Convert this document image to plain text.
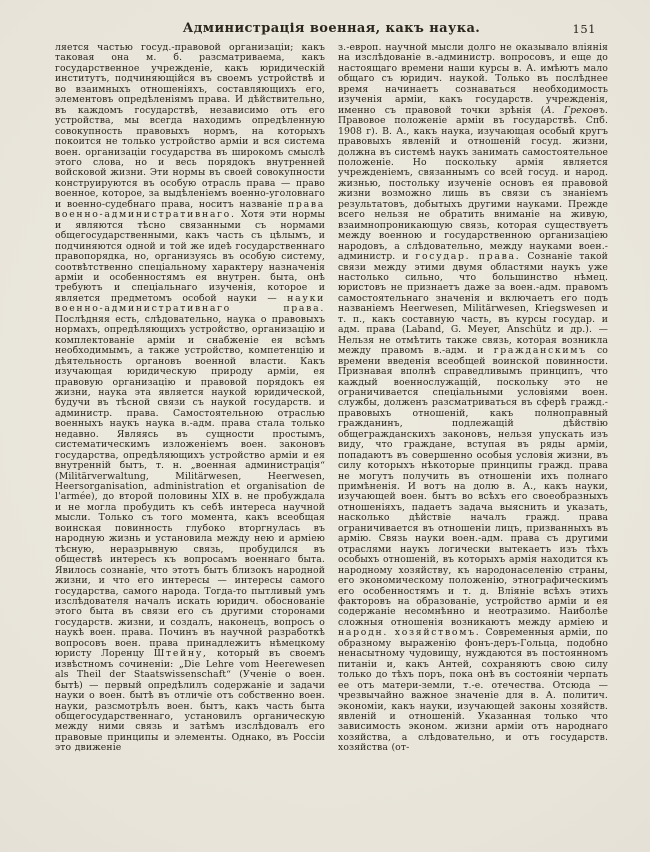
Администрація военная, какъ наука.	151
ляется частью госуд.-правовой организаціи; какъ таковая она м. б. разсматриваема, какъ государственное учрежденіе, какъ юридическій институтъ, подчиняющійся въ своемъ устройствѣ и во взаимныхъ отношеніяхъ, составляющихъ его, элементовъ опредѣленіямъ права. И дѣйствительно, въ каждомъ государствѣ, независимо отъ его устройства, мы всегда находимъ опредѣленную совокупность правовыхъ нормъ, на которыхъ покоится не только устройство арміи и вся система воен. организаціи государства въ широкомъ смыслѣ этого слова, но и весь порядокъ внутренней войсковой жизни. Эти нормы въ своей совокупности конструируются въ особую отрасль права — право военное, которое, за выдѣленіемъ военно-уголовнаго и военно-судебнаго права, носитъ названіе права военно-административнаго. Хотя эти нормы и являются тѣсно связанными съ нормами общегосударственными, какъ часть съ цѣлымъ, и подчиняются одной и той же идеѣ государственнаго правопорядка, но, организуясь въ особую систему, соотвѣтственно спеціальному характеру назначенія арміи и особенностямъ ея внутрен. быта, онѣ требуютъ и спеціальнаго изученія, которое и является предметомъ особой науки — науки военно-административнаго права. Послѣдняя есть, слѣдовательно, наука о правовыхъ нормахъ, опредѣляющихъ устройство, организацію и комплектованіе арміи и снабженіе ея всѣмъ необходимымъ, а также устройство, компетенцію и дѣятельность органовъ военной власти. Какъ изучающая юридическую природу арміи, ея правовую организацію и правовой порядокъ ея жизни, наука эта является наукой юридической, будучи въ тѣсной связи съ наукой государств. и администр. права. Самостоятельною отраслью военныхъ наукъ наука в.-адм. права стала только недавно. Являясь въ сущности простымъ, систематическимъ изложеніемъ воен. законовъ государства, опредѣляющихъ устройство арміи и ея внутренній бытъ, т. н. „военная администрація“ (Militärverwaltung, Militärwesen, Heerwesen, Heersorganisation, administration et organisation de l'armée), до второй половины XIX в. не пробуждала и не могла пробудить къ себѣ интереса научной мысли. Только съ того момента, какъ всеобщая воинская повинность глубоко вторгнулась въ народную жизнь и установила между нею и арміею тѣсную, неразрывную связь, пробудился въ обществѣ интересъ къ вопросамъ военнаго быта. Явилось сознаніе, что этотъ бытъ близокъ народной жизни, и что его интересы — интересы самого государства, самого народа. Тогда-то пытливый умъ изслѣдователя началъ искать юридич. обоснованіе этого быта въ связи его съ другими сторонами государств. жизни, и создалъ, наконецъ, вопросъ о наукѣ воен. права. Починъ въ научной разработкѣ вопросовъ воен. права принадлежитъ нѣмецкому юристу Лоренцу Штейну, который въ своемъ извѣстномъ сочиненіи: „Die Lehre vom Heerewesen als Theil der Staatswissenschaft“ (Ученіе о воен. бытѣ) — первый опредѣлилъ содержаніе и задачи науки о воен. бытѣ въ отличіе отъ собственно воен. науки, разсмотрѣлъ воен. бытъ, какъ часть быта общегосударственнаго, установилъ органическую между ними связь и затѣмъ изслѣдовалъ его правовые принципы и элементы. Однако, въ Россіи это движеніе
з.-европ. научной мысли долго не оказывало вліянія на изслѣдованіе в.-администр. вопросовъ, и еще до настоящаго времени наши курсы в. А. имѣютъ мало общаго съ юридич. наукой. Только въ послѣднее время начинаетъ сознаваться необходимость изученія арміи, какъ государств. учрежденія, именно съ правовой точки зрѣнія (А. Грековъ. Правовое положеніе арміи въ государствѣ. Спб. 1908 г). В. А., какъ наука, изучающая особый кругъ правовыхъ явленій и отношеній госуд. жизни, должна въ системѣ наукъ занимать самостоятельное положеніе. Но поскольку армія является учрежденіемъ, связаннымъ со всей госуд. и народ. жизнью, постольку изученіе основъ ея правовой жизни возможно лишь въ связи съ знаніемъ результатовъ, добытыхъ другими науками. Прежде всего нельзя не обратить вниманіе на живую, взаимнопроникающую связь, которая существуетъ между военною и государственною организаціею народовъ, а слѣдовательно, между науками воен.-администр. и государ. права. Сознаніе такой связи между этими двумя областями наукъ уже настолько сильно, что большинство нѣмец. юристовъ не признаетъ даже за воен.-адм. правомъ самостоятельнаго значенія и включаетъ его подъ названіемъ Heerwesen, Militärwesen, Kriegswesen и т. п., какъ составную часть, въ курсы государ. и адм. права (Laband, G. Meyer, Anschütz и др.). — Нельзя не отмѣтить также связь, которая возникла между правомъ в.-адм. и гражданскимъ со времени введенія всеобщей воинской повинности. Признавая вполнѣ справедливымъ принципъ, что каждый военнослужащій, поскольку это не ограничивается спеціальными условіями воен. службы, долженъ разсматриваться въ сферѣ гражд.-правовыхъ отношеній, какъ полноправный гражданинъ, подлежащій дѣйствію общегражданскихъ законовъ, нельзя упускать изъ виду, что граждане, вступая въ ряды арміи, попадаютъ въ совершенно особыя условія жизни, въ силу которыхъ нѣкоторые принципы гражд. права не могутъ получить въ отношеніи ихъ полнаго примѣненія. И вотъ на долю в. А., какъ науки, изучающей воен. бытъ во всѣхъ его своеобразныхъ отношеніяхъ, падаетъ задача выяснить и указать, насколько дѣйствіе началъ гражд. права ограничивается въ отношеніи лицъ, призванныхъ въ армію. Связь науки воен.-адм. права съ другими отраслями наукъ логически вытекаетъ изъ тѣхъ особыхъ отношеній, въ которыхъ армія находится къ народному хозяйству, къ народонаселенію страны, его экономическому положенію, этнографическимъ его особенностямъ и т. д. Вліяніе всѣхъ этихъ факторовъ на образованіе, устройство арміи и ея содержаніе несомнѣнно и неотразимо. Наиболѣе сложныя отношенія возникаютъ между арміею и народн. хозяйствомъ. Современныя арміи, по образному выраженію фонъ-деръ-Гольца, подобно ненасытному чудовищу, нуждаются въ постоянномъ питаніи и, какъ Антей, сохраняютъ свою силу только до тѣхъ поръ, пока онѣ въ состояніи черпать ее отъ матери-земли, т.-е. отечества. Отсюда — чрезвычайно важное значеніе для в. А. политич. экономіи, какъ науки, изучающей законы хозяйств. явленій и отношеній. Указанная только что зависимость эконом. жизни арміи отъ народнаго хозяйства, а слѣдовательно, и отъ государств. хозяйства (от-
